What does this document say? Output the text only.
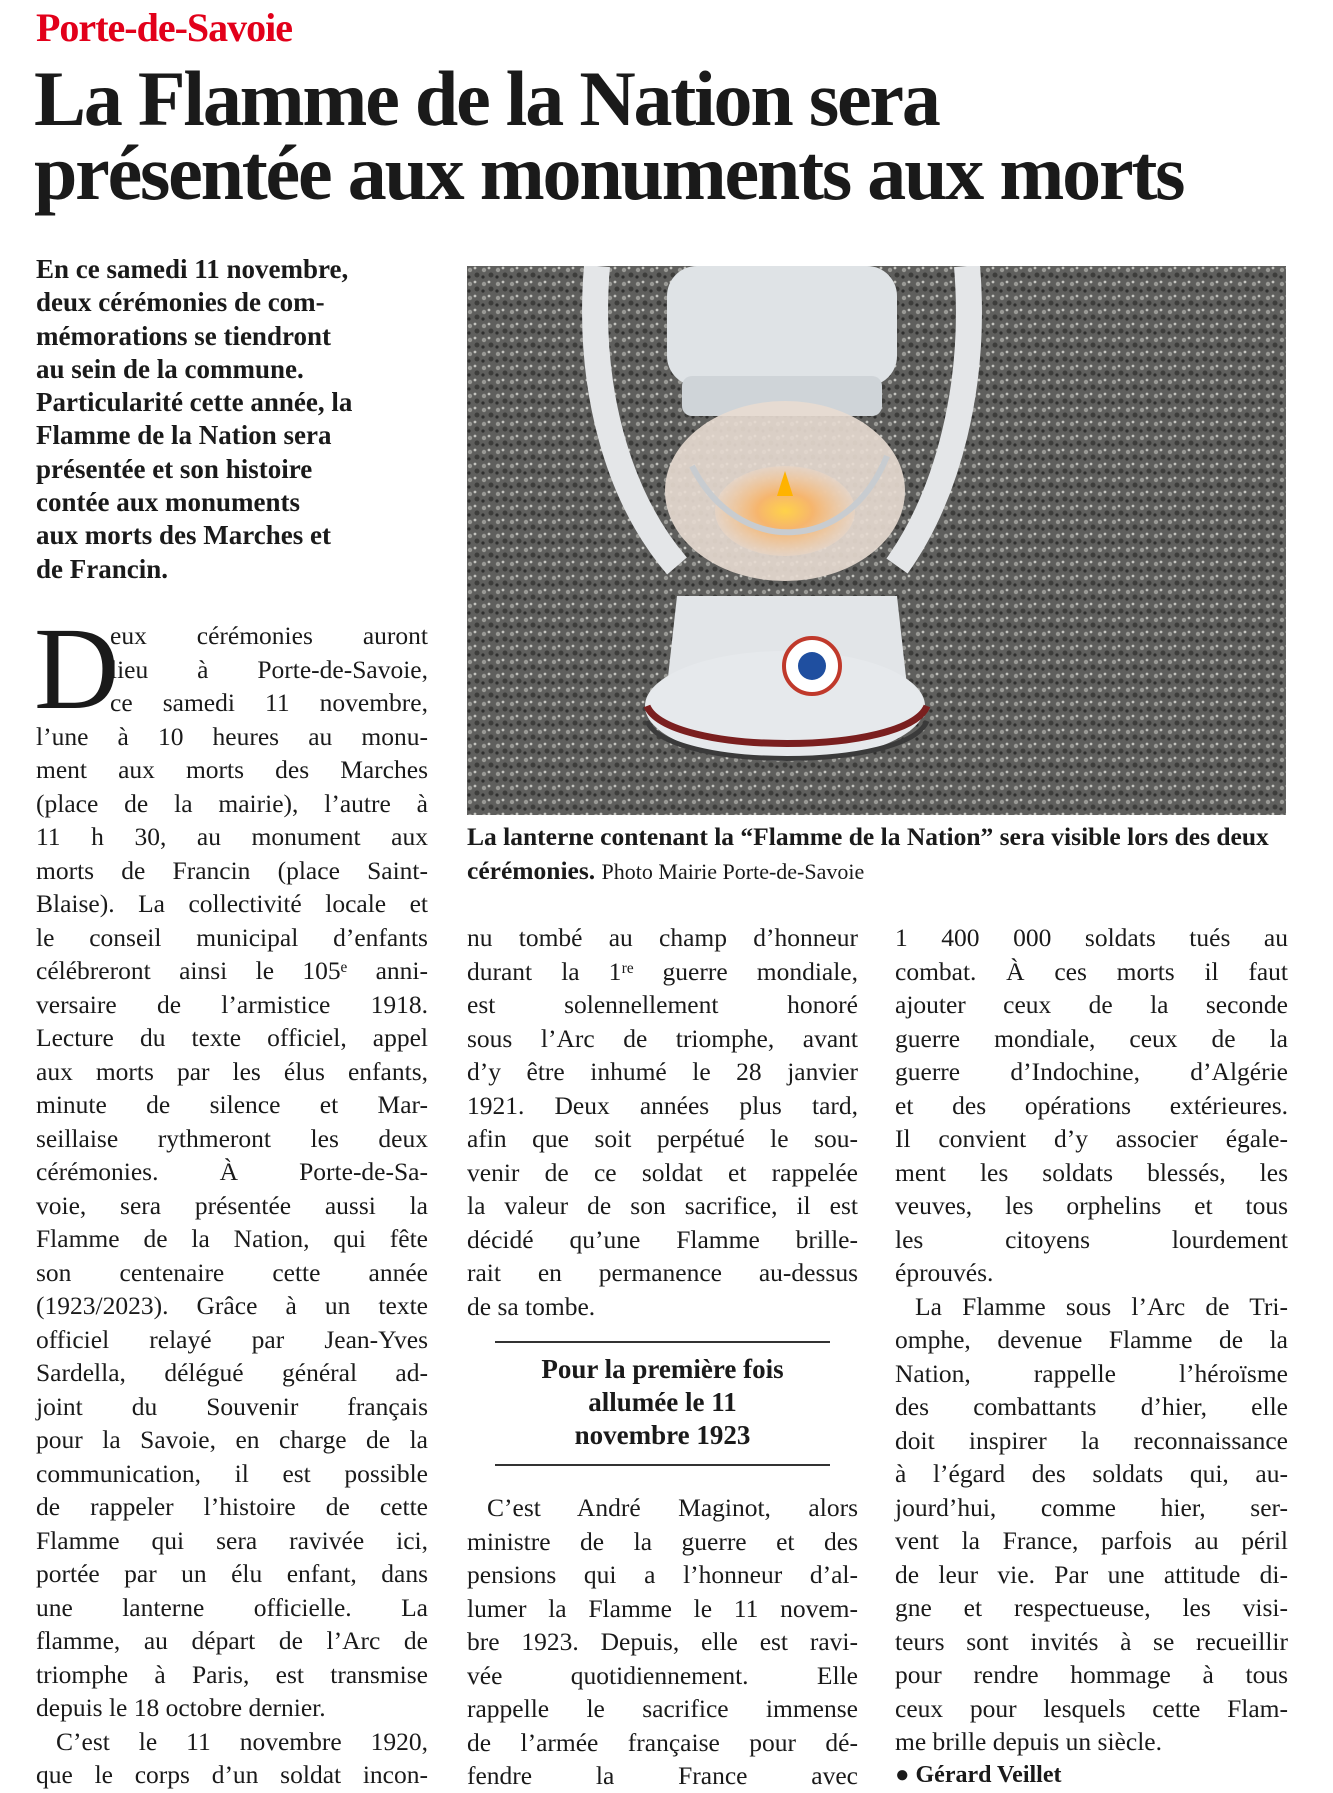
Porte-de-Savoie
La Flamme de la Nation sera
présentée aux monuments aux morts
En ce samedi 11 novembre,
deux cérémonies de com-
mémorations se tiendront
au sein de la commune.
Particularité cette année, la
Flamme de la Nation sera
présentée et son histoire
contée aux monuments
aux morts des Marches et
de Francin.
La lanterne contenant la “Flamme de la Nation” sera visible lors des deux cérémonies. Photo Mairie Porte-de-Savoie
D
eux cérémonies auront
lieu à Porte-de-Savoie,
ce samedi 11 novembre,
l’une à 10 heures au monu-
ment aux morts des Marches
(place de la mairie), l’autre à
11 h 30, au monument aux
morts de Francin (place Saint-
Blaise). La collectivité locale et
le conseil municipal d’enfants
célébreront ainsi le 105ᵉ anni-
versaire de l’armistice 1918.
Lecture du texte officiel, appel
aux morts par les élus enfants,
minute de silence et Mar-
seillaise rythmeront les deux
cérémonies. À Porte-de-Sa-
voie, sera présentée aussi la
Flamme de la Nation, qui fête
son centenaire cette année
(1923/2023). Grâce à un texte
officiel relayé par Jean-Yves
Sardella, délégué général ad-
joint du Souvenir français
pour la Savoie, en charge de la
communication, il est possible
de rappeler l’histoire de cette
Flamme qui sera ravivée ici,
portée par un élu enfant, dans
une lanterne officielle. La
flamme, au départ de l’Arc de
triomphe à Paris, est transmise
depuis le 18 octobre dernier.
C’est le 11 novembre 1920,
que le corps d’un soldat incon-
nu tombé au champ d’honneur
durant la 1ʳᵉ guerre mondiale,
est solennellement honoré
sous l’Arc de triomphe, avant
d’y être inhumé le 28 janvier
1921. Deux années plus tard,
afin que soit perpétué le sou-
venir de ce soldat et rappelée
la valeur de son sacrifice, il est
décidé qu’une Flamme brille-
rait en permanence au-dessus
de sa tombe.
Pour la première fois
allumée le 11
novembre 1923
C’est André Maginot, alors
ministre de la guerre et des
pensions qui a l’honneur d’al-
lumer la Flamme le 11 novem-
bre 1923. Depuis, elle est ravi-
vée quotidiennement. Elle
rappelle le sacrifice immense
de l’armée française pour dé-
fendre la France avec
1 400 000 soldats tués au
combat. À ces morts il faut
ajouter ceux de la seconde
guerre mondiale, ceux de la
guerre d’Indochine, d’Algérie
et des opérations extérieures.
Il convient d’y associer égale-
ment les soldats blessés, les
veuves, les orphelins et tous
les citoyens lourdement
éprouvés.
La Flamme sous l’Arc de Tri-
omphe, devenue Flamme de la
Nation, rappelle l’héroïsme
des combattants d’hier, elle
doit inspirer la reconnaissance
à l’égard des soldats qui, au-
jourd’hui, comme hier, ser-
vent la France, parfois au péril
de leur vie. Par une attitude di-
gne et respectueuse, les visi-
teurs sont invités à se recueillir
pour rendre hommage à tous
ceux pour lesquels cette Flam-
me brille depuis un siècle.
● Gérard Veillet
